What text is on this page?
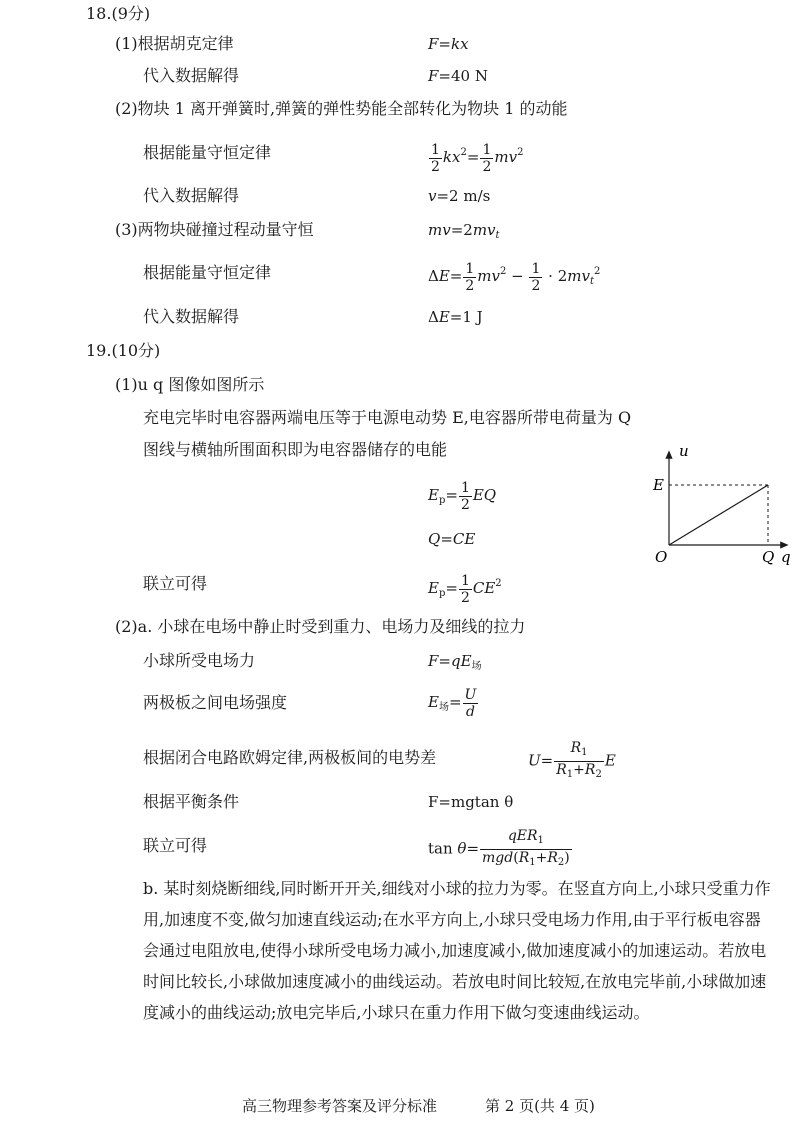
18.(9分)
(1)根据胡克定律	F=kx
代入数据解得	F=40 N
(2)物块 1 离开弹簧时,弹簧的弹性势能全部转化为物块 1 的动能
根据能量守恒定律	$\frac{1}{2} kx^2= \frac{1}{2} mv^2$
代入数据解得	v=2 m/s
(3)两物块碰撞过程动量守恒	$mv=2mv_t$
根据能量守恒定律	$\Delta E= \frac{1}{2} mv^2 - \frac{1}{2} \cdot 2mv_t^2$
代入数据解得	ΔE=1 J
19.(10分)
(1)u q 图像如图所示
充电完毕时电容器两端电压等于电源电动势 E,电容器所带电荷量为 Q
图线与横轴所围面积即为电容器储存的电能
$E_p= \frac{1}{2}$ EQ
Q=CE
联立可得	$E_p= \frac{1}{2} CE^2$
u
E
O	Q q
(2)a. 小球在电场中静止时受到重力、电场力及细线的拉力
小球所受电场力	$F=qE_场$
两极板之间电场强度	$E_场= \frac{U}{d}$
根据闭合电路欧姆定律,两极板间的电势差	$U= \frac{R_1}{R_1+R_2}$ E
根据平衡条件	F=mgtan θ
联立可得	$\tan \theta= \frac{qER_1}{mgd(R_1+R_2)}$
b. 某时刻烧断细线,同时断开开关,细线对小球的拉力为零。在竖直方向上,小球只受重力作用,加速度不变,做匀加速直线运动;在水平方向上,小球只受电场力作用,由于平行板电容器会通过电阻放电,使得小球所受电场力减小,加速度减小,做加速度减小的加速运动。若放电时间比较长,小球做加速度减小的曲线运动。若放电时间比较短,在放电完毕前,小球做加速度减小的曲线运动;放电完毕后,小球只在重力作用下做匀变速曲线运动。
高三物理参考答案及评分标准	第 2 页(共 4 页)
